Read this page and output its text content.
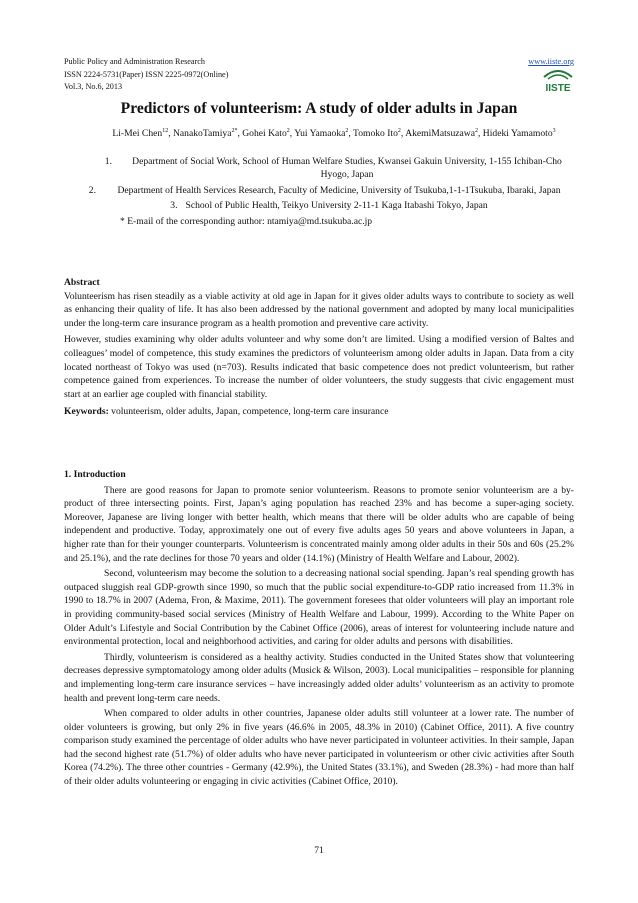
Public Policy and Administration Research	www.iiste.org
ISSN 2224-5731(Paper) ISSN 2225-0972(Online)
Vol.3, No.6, 2013	IISTE
Predictors of volunteerism: A study of older adults in Japan
Li-Mei Chen$^{12}$, NanakoTamiya$^{2*}$, Gohei Kato$^2$, Yui Yamaoka$^2$, Tomoko Ito$^2$, AkemiMatsuzawa$^2$, Hideki Yamamoto$^3$
1.	Department of Social Work, School of Human Welfare Studies, Kwansei Gakuin University, 1-155 Ichiban-Cho Hyogo, Japan
2.	Department of Health Services Research, Faculty of Medicine, University of Tsukuba,1-1-1Tsukuba, Ibaraki, Japan
3. School of Public Health, Teikyo University 2-11-1 Kaga Itabashi Tokyo, Japan
* E-mail of the corresponding author: ntamiya@md.tsukuba.ac.jp
Abstract

Volunteerism has risen steadily as a viable activity at old age in Japan for it gives older adults ways to contribute to society as well as enhancing their quality of life. It has also been addressed by the national government and adopted by many local municipalities under the long-term care insurance program as a health promotion and preventive care activity.

However, studies examining why older adults volunteer and why some don’t are limited. Using a modified version of Baltes and colleagues’ model of competence, this study examines the predictors of volunteerism among older adults in Japan. Data from a city located northeast of Tokyo was used (n=703). Results indicated that basic competence does not predict volunteerism, but rather competence gained from experiences. To increase the number of older volunteers, the study suggests that civic engagement must start at an earlier age coupled with financial stability.

Keywords: volunteerism, older adults, Japan, competence, long-term care insurance
1. Introduction

There are good reasons for Japan to promote senior volunteerism. Reasons to promote senior volunteerism are a by-product of three intersecting points. First, Japan’s aging population has reached 23% and has become a super-aging society. Moreover, Japanese are living longer with better health, which means that there will be older adults who are capable of being independent and productive. Today, approximately one out of every five adults ages 50 years and above volunteers in Japan, a higher rate than for their younger counterparts. Volunteerism is concentrated mainly among older adults in their 50s and 60s (25.2% and 25.1%), and the rate declines for those 70 years and older (14.1%) (Ministry of Health Welfare and Labour, 2002).

Second, volunteerism may become the solution to a decreasing national social spending. Japan’s real spending growth has outpaced sluggish real GDP-growth since 1990, so much that the public social expenditure-to-GDP ratio increased from 11.3% in 1990 to 18.7% in 2007 (Adema, Fron, & Maxime, 2011). The government foresees that older volunteers will play an important role in providing community-based social services (Ministry of Health Welfare and Labour, 1999). According to the White Paper on Older Adult’s Lifestyle and Social Contribution by the Cabinet Office (2006), areas of interest for volunteering include nature and environmental protection, local and neighborhood activities, and caring for older adults and persons with disabilities.

Thirdly, volunteerism is considered as a healthy activity. Studies conducted in the United States show that volunteering decreases depressive symptomatology among older adults (Musick & Wilson, 2003). Local municipalities – responsible for planning and implementing long-term care insurance services – have increasingly added older adults’ volunteerism as an activity to promote health and prevent long-term care needs.

When compared to older adults in other countries, Japanese older adults still volunteer at a lower rate. The number of older volunteers is growing, but only 2% in five years (46.6% in 2005, 48.3% in 2010) (Cabinet Office, 2011). A five country comparison study examined the percentage of older adults who have never participated in volunteer activities. In their sample, Japan had the second highest rate (51.7%) of older adults who have never participated in volunteerism or other civic activities after South Korea (74.2%). The three other countries - Germany (42.9%), the United States (33.1%), and Sweden (28.3%) - had more than half of their older adults volunteering or engaging in civic activities (Cabinet Office, 2010).

71
